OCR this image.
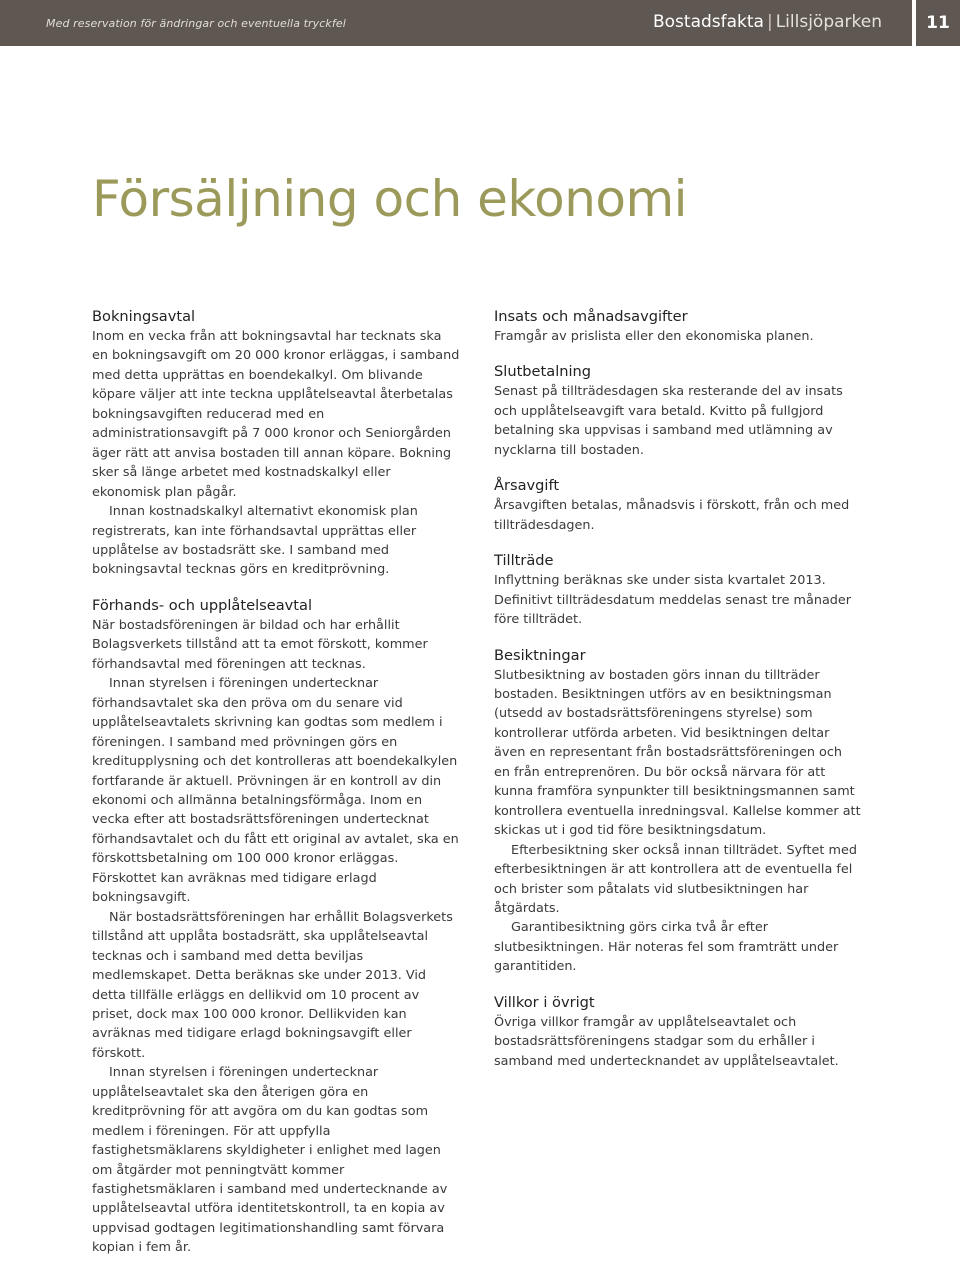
Med reservation för ändringar och eventuella tryckfel	Bostadsfakta | Lillsjöparken	11
Försäljning och ekonomi
Bokningsavtal

Inom en vecka från att bokningsavtal har tecknats ska en bokningsavgift om 20 000 kronor erläggas, i samband med detta upprättas en boendekalkyl. Om blivande köpare väljer att inte teckna upplåtelseavtal återbetalas bokningsavgiften reducerad med en administrationsavgift på 7 000 kronor och Seniorgården äger rätt att anvisa bostaden till annan köpare. Bokning sker så länge arbetet med kostnadskalkyl eller ekonomisk plan pågår.

Innan kostnadskalkyl alternativt ekonomisk plan registrerats, kan inte förhandsavtal upprättas eller upplåtelse av bostadsrätt ske. I samband med bokningsavtal tecknas görs en kreditprövning.

Förhands- och upplåtelseavtal

När bostadsföreningen är bildad och har erhållit Bolagsverkets tillstånd att ta emot förskott, kommer förhandsavtal med föreningen att tecknas.

Innan styrelsen i föreningen undertecknar förhandsavtalet ska den pröva om du senare vid upplåtelseavtalets skrivning kan godtas som medlem i föreningen. I samband med prövningen görs en kreditupplysning och det kontrolleras att boendekalkylen fortfarande är aktuell. Prövningen är en kontroll av din ekonomi och allmänna betalningsförmåga. Inom en vecka efter att bostadsrättsföreningen undertecknat förhandsavtalet och du fått ett original av avtalet, ska en förskottsbetalning om 100 000 kronor erläggas. Förskottet kan avräknas med tidigare erlagd bokningsavgift.

När bostadsrättsföreningen har erhållit Bolagsverkets tillstånd att upplåta bostadsrätt, ska upplåtelseavtal tecknas och i samband med detta beviljas medlemskapet. Detta beräknas ske under 2013. Vid detta tillfälle erläggs en dellikvid om 10 procent av priset, dock max 100 000 kronor. Dellikviden kan avräknas med tidigare erlagd bokningsavgift eller förskott.

Innan styrelsen i föreningen undertecknar upplåtelseavtalet ska den återigen göra en kreditprövning för att avgöra om du kan godtas som medlem i föreningen. För att uppfylla fastighetsmäklarens skyldigheter i enlighet med lagen om åtgärder mot penningtvätt kommer fastighetsmäklaren i samband med undertecknande av upplåtelseavtal utföra identitetskontroll, ta en kopia av uppvisad godtagen legitimationshandling samt förvara kopian i fem år.

Insats och månadsavgifter

Framgår av prislista eller den ekonomiska planen.

Slutbetalning

Senast på tillträdesdagen ska resterande del av insats och upplåtelseavgift vara betald. Kvitto på fullgjord betalning ska uppvisas i samband med utlämning av nycklarna till bostaden.

Årsavgift

Årsavgiften betalas, månadsvis i förskott, från och med tillträdesdagen.

Tillträde

Inflyttning beräknas ske under sista kvartalet 2013. Definitivt tillträdesdatum meddelas senast tre månader före tillträdet.

Besiktningar

Slutbesiktning av bostaden görs innan du tillträder bostaden. Besiktningen utförs av en besiktningsman (utsedd av bostadsrättsföreningens styrelse) som kontrollerar utförda arbeten. Vid besiktningen deltar även en representant från bostadsrättsföreningen och en från entreprenören. Du bör också närvara för att kunna framföra synpunkter till besiktningsmannen samt kontrollera eventuella inredningsval. Kallelse kommer att skickas ut i god tid före besiktningsdatum.

Efterbesiktning sker också innan tillträdet. Syftet med efterbesiktningen är att kontrollera att de eventuella fel och brister som påtalats vid slutbesiktningen har åtgärdats.

Garantibesiktning görs cirka två år efter slutbesiktningen. Här noteras fel som framträtt under garantitiden.

Villkor i övrigt

Övriga villkor framgår av upplåtelseavtalet och bostadsrättsföreningens stadgar som du erhåller i samband med undertecknandet av upplåtelseavtalet.
